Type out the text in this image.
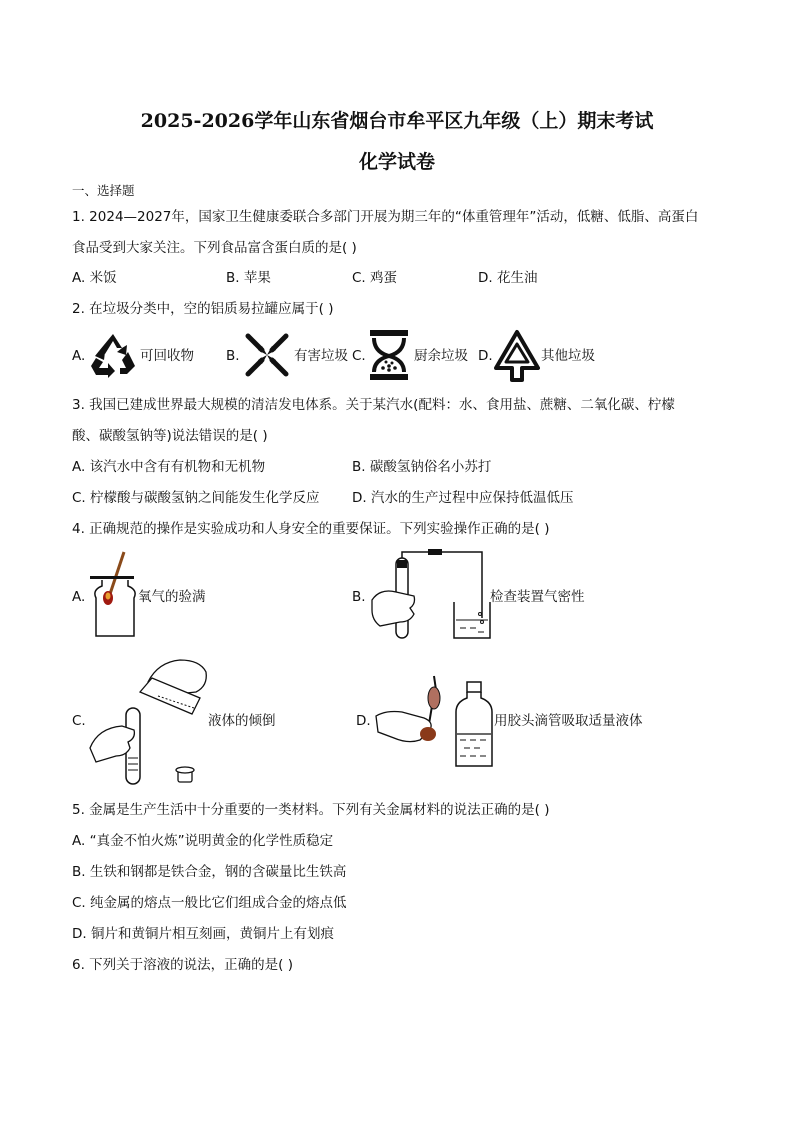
2025-2026学年山东省烟台市牟平区九年级（上）期末考试
化学试卷
一、选择题
1. 2024—2027年，国家卫生健康委联合多部门开展为期三年的“体重管理年”活动，低糖、低脂、高蛋白
食品受到大家关注。下列食品富含蛋白质的是( )
A. 米饭	B. 苹果	C. 鸡蛋	D. 花生油
2. 在垃圾分类中，空的铝质易拉罐应属于( )
A.	可回收物 B.	有害垃圾 C.	厨余垃圾 D.	其他垃圾
3. 我国已建成世界最大规模的清洁发电体系。关于某汽水(配料：水、食用盐、蔗糖、二氧化碳、柠檬
酸、碳酸氢钠等)说法错误的是( )
A. 该汽水中含有有机物和无机物	B. 碳酸氢钠俗名小苏打
C. 柠檬酸与碳酸氢钠之间能发生化学反应 D. 汽水的生产过程中应保持低温低压
4. 正确规范的操作是实验成功和人身安全的重要保证。下列实验操作正确的是( )
A.	氧气的验满	B.	检查装置气密性
C.	液体的倾倒	D.	用胶头滴管吸取适量液体
5. 金属是生产生活中十分重要的一类材料。下列有关金属材料的说法正确的是( )
A. “真金不怕火炼”说明黄金的化学性质稳定
B. 生铁和钢都是铁合金，钢的含碳量比生铁高
C. 纯金属的熔点一般比它们组成合金的熔点低
D. 铜片和黄铜片相互刻画，黄铜片上有划痕
6. 下列关于溶液的说法，正确的是( )
